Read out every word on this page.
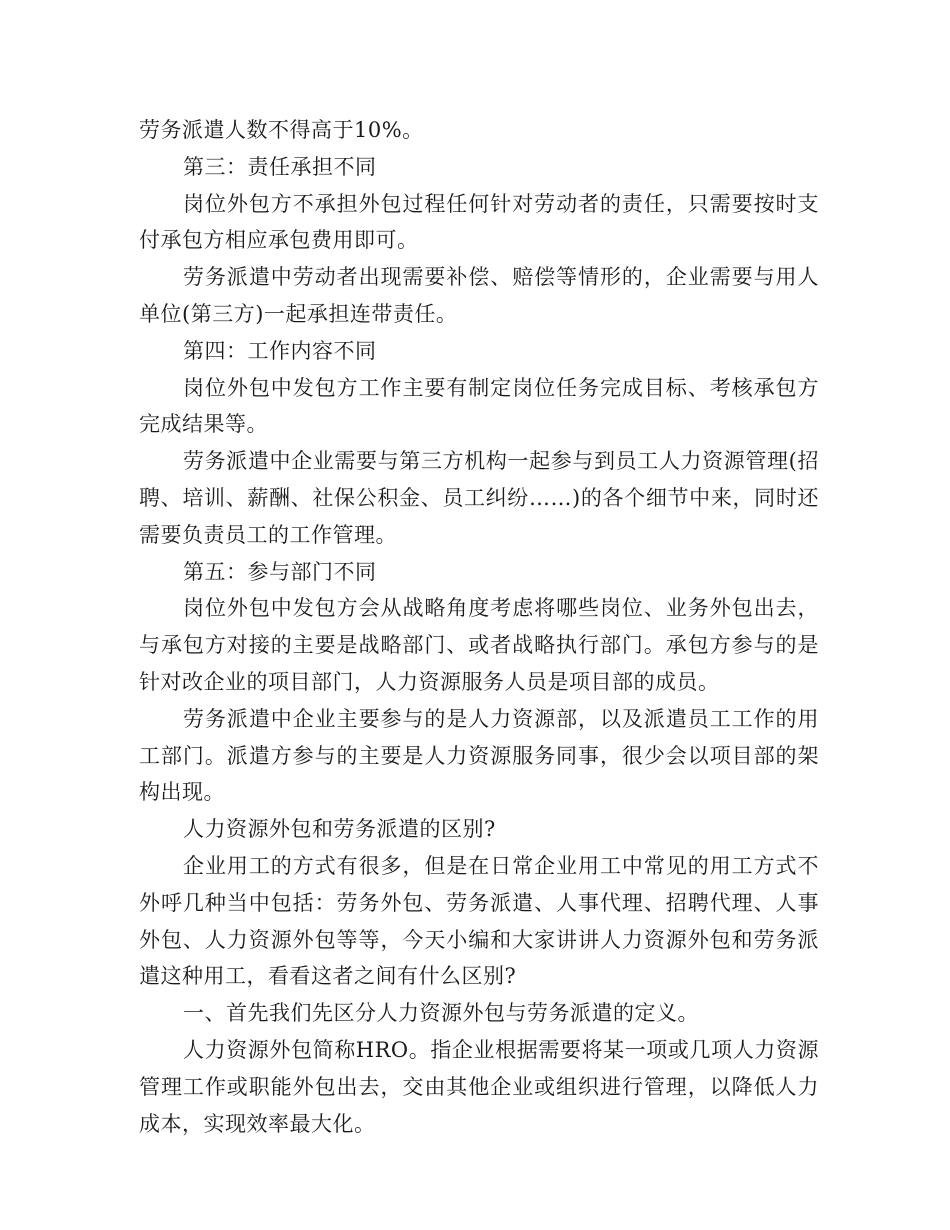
劳务派遣人数不得高于10%。

第三：责任承担不同

岗位外包方不承担外包过程任何针对劳动者的责任，只需要按时支付承包方相应承包费用即可。

劳务派遣中劳动者出现需要补偿、赔偿等情形的，企业需要与用人单位(第三方)一起承担连带责任。

第四：工作内容不同

岗位外包中发包方工作主要有制定岗位任务完成目标、考核承包方完成结果等。

劳务派遣中企业需要与第三方机构一起参与到员工人力资源管理(招聘、培训、薪酬、社保公积金、员工纠纷……)的各个细节中来，同时还需要负责员工的工作管理。

第五：参与部门不同

岗位外包中发包方会从战略角度考虑将哪些岗位、业务外包出去，与承包方对接的主要是战略部门、或者战略执行部门。承包方参与的是针对改企业的项目部门，人力资源服务人员是项目部的成员。

劳务派遣中企业主要参与的是人力资源部，以及派遣员工工作的用工部门。派遣方参与的主要是人力资源服务同事，很少会以项目部的架构出现。

人力资源外包和劳务派遣的区别?

企业用工的方式有很多，但是在日常企业用工中常见的用工方式不外呼几种当中包括：劳务外包、劳务派遣、人事代理、招聘代理、人事外包、人力资源外包等等，今天小编和大家讲讲人力资源外包和劳务派遣这种用工，看看这者之间有什么区别?

一、首先我们先区分人力资源外包与劳务派遣的定义。

人力资源外包简称HRO。指企业根据需要将某一项或几项人力资源管理工作或职能外包出去，交由其他企业或组织进行管理，以降低人力成本，实现效率最大化。
